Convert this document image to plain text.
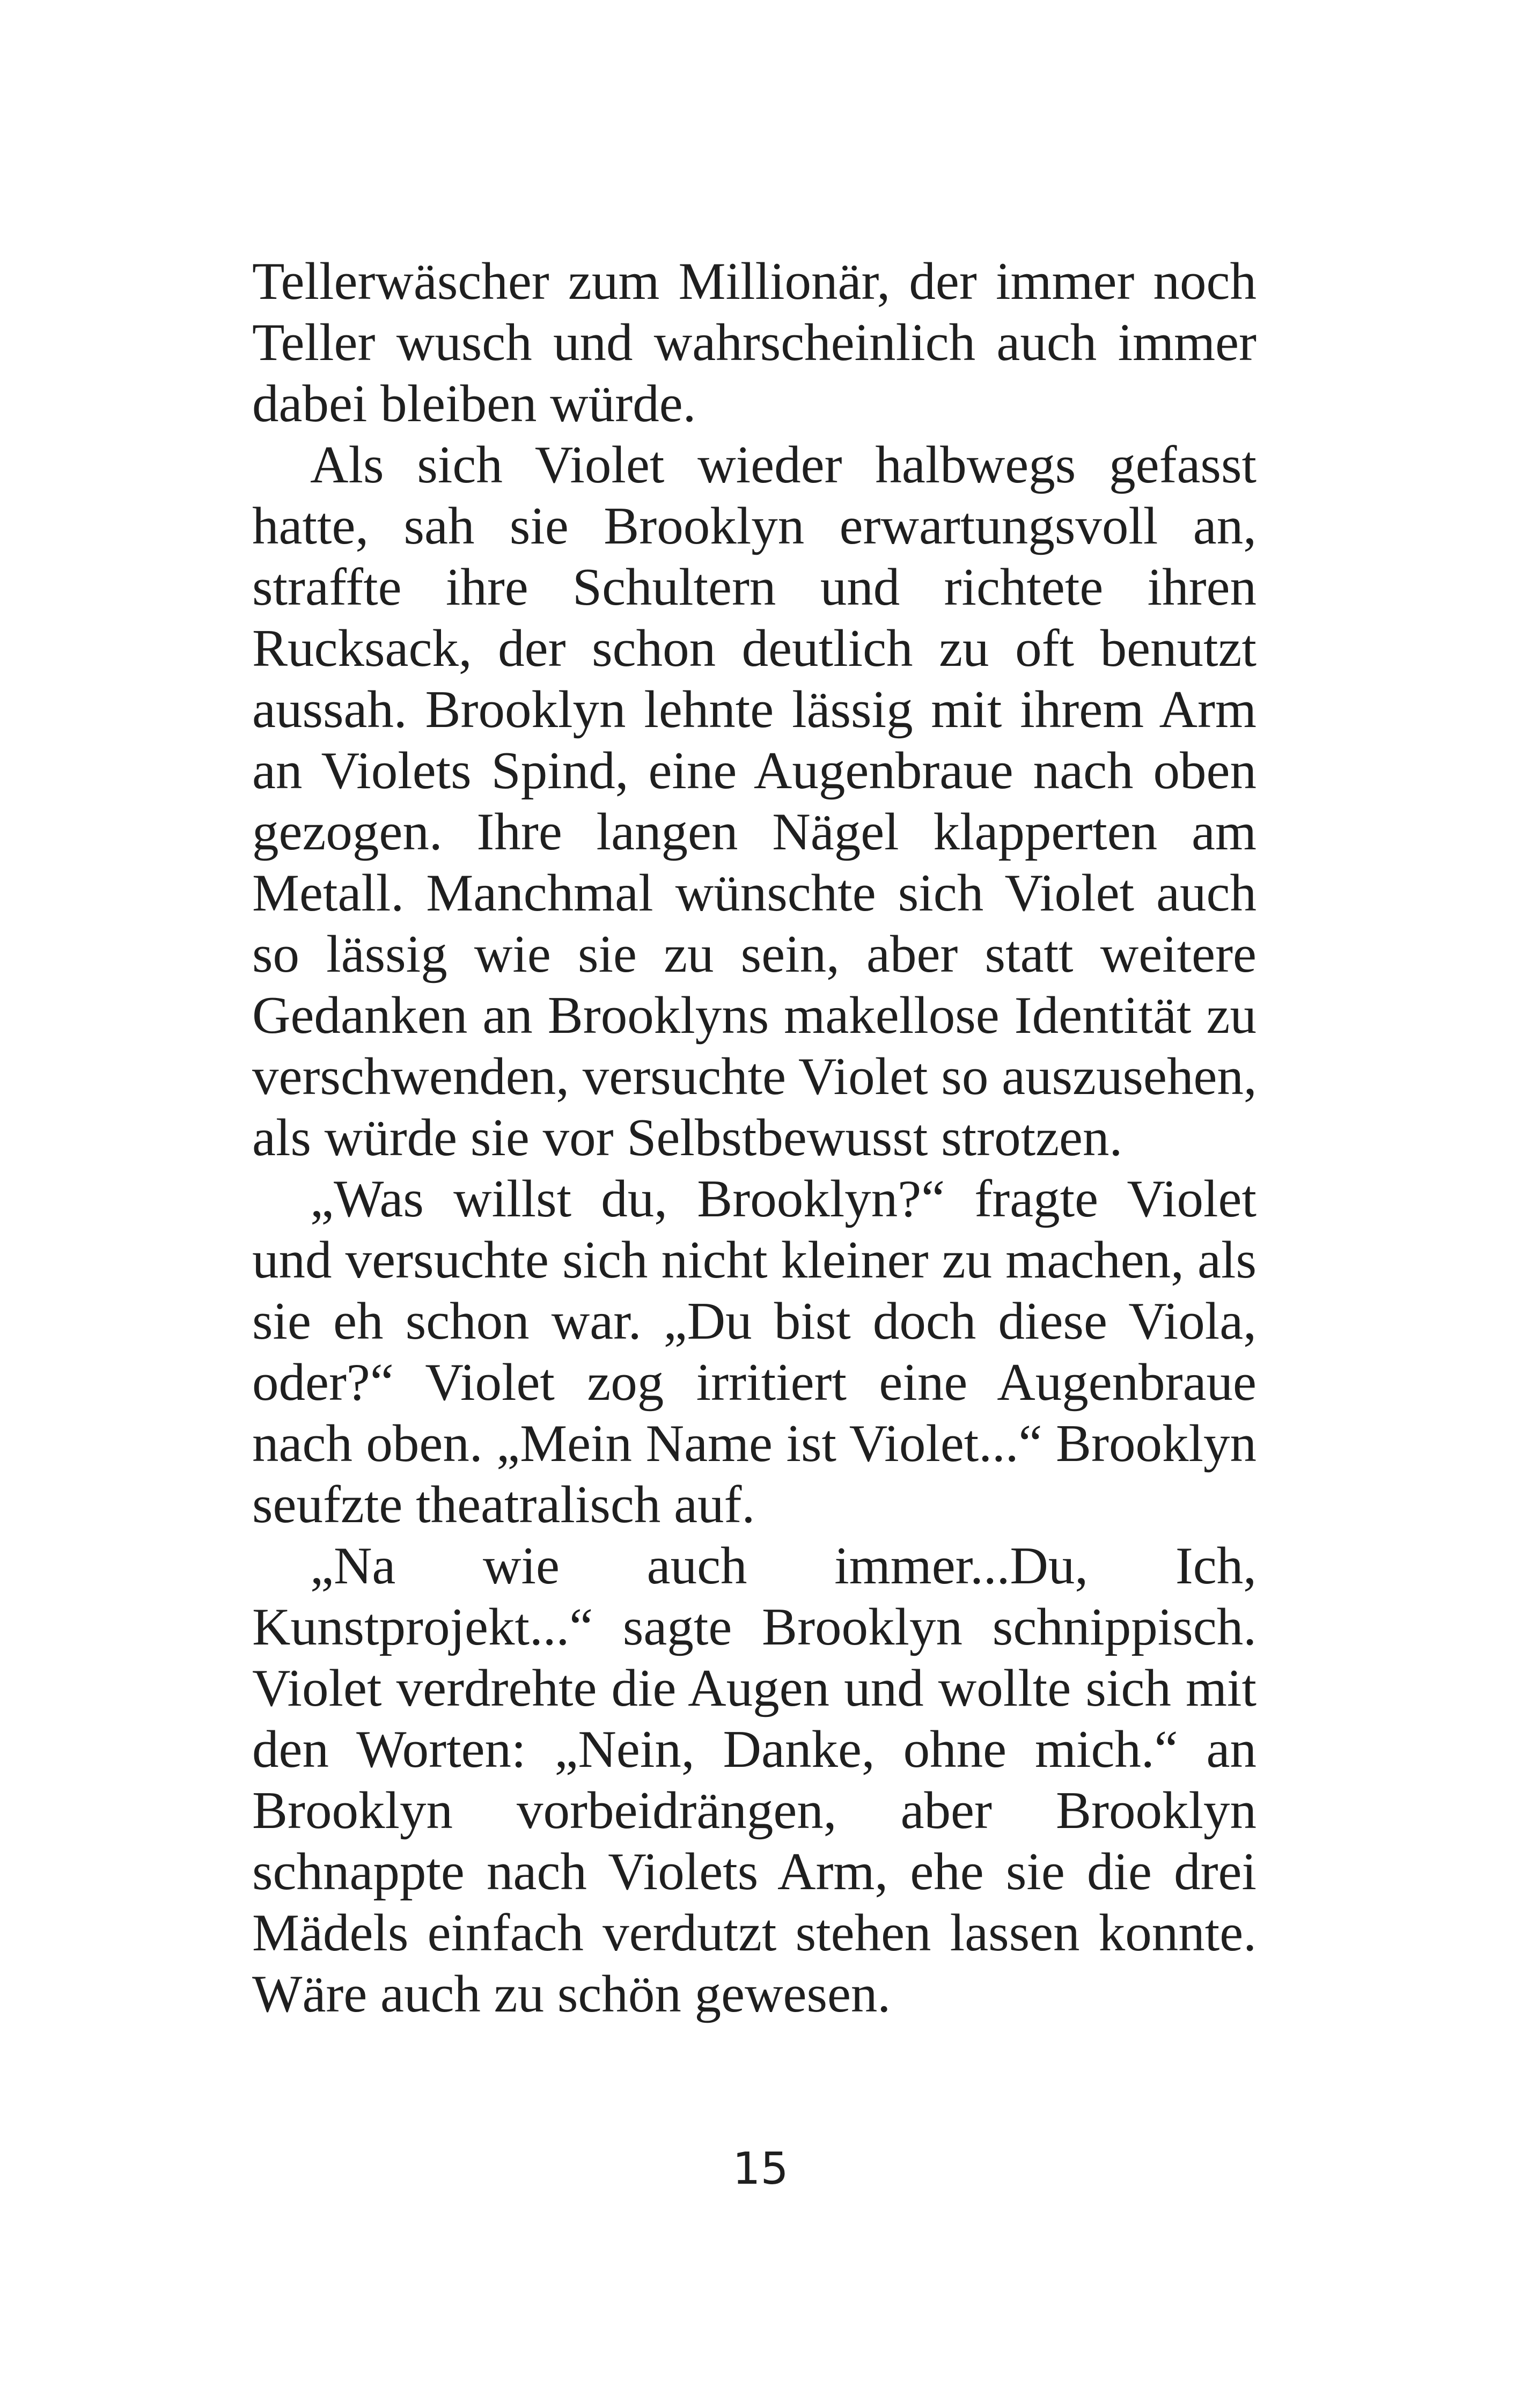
Tellerwäscher zum Millionär, der immer noch
Teller wusch und wahrscheinlich auch immer
dabei bleiben würde.
Als sich Violet wieder halbwegs gefasst
hatte, sah sie Brooklyn erwartungsvoll an,
straffte ihre Schultern und richtete ihren
Rucksack, der schon deutlich zu oft benutzt
aussah. Brooklyn lehnte lässig mit ihrem Arm
an Violets Spind, eine Augenbraue nach oben
gezogen. Ihre langen Nägel klapperten am
Metall. Manchmal wünschte sich Violet auch
so lässig wie sie zu sein, aber statt weitere
Gedanken an Brooklyns makellose Identität zu
verschwenden, versuchte Violet so auszusehen,
als würde sie vor Selbstbewusst strotzen.
„Was willst du, Brooklyn?“ fragte Violet
und versuchte sich nicht kleiner zu machen, als
sie eh schon war. „Du bist doch diese Viola,
oder?“ Violet zog irritiert eine Augenbraue
nach oben. „Mein Name ist Violet...“ Brooklyn
seufzte theatralisch auf.
„Na wie auch immer...Du, Ich,
Kunstprojekt...“ sagte Brooklyn schnippisch.
Violet verdrehte die Augen und wollte sich mit
den Worten: „Nein, Danke, ohne mich.“ an
Brooklyn vorbeidrängen, aber Brooklyn
schnappte nach Violets Arm, ehe sie die drei
Mädels einfach verdutzt stehen lassen konnte.
Wäre auch zu schön gewesen.
15
